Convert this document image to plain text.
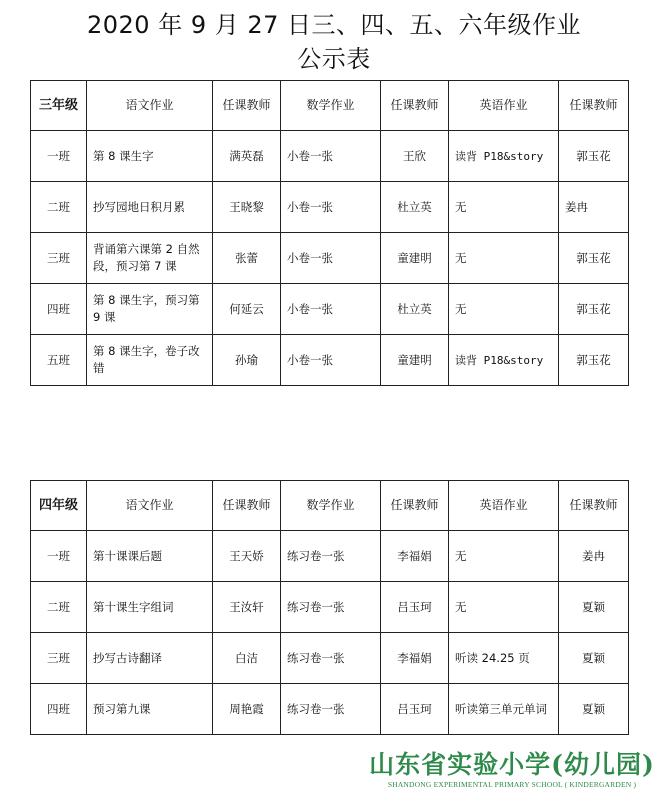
2020 年 9 月 27 日三、四、五、六年级作业
公示表
三年级	语文作业	任课教师	数学作业	任课教师	英语作业	任课教师
一班	第 8 课生字	满英磊	小卷一张	王欣	读背 P18&story	郭玉花
二班	抄写园地日积月累	王晓黎	小卷一张	杜立英	无	姜冉
三班	背诵第六课第 2 自然段，预习第 7 课	张蕾	小卷一张	童建明	无	郭玉花
四班	第 8 课生字，预习第 9 课	何延云	小卷一张	杜立英	无	郭玉花
五班	第 8 课生字，卷子改错	孙瑜	小卷一张	童建明	读背 P18&story	郭玉花
四年级	语文作业	任课教师	数学作业	任课教师	英语作业	任课教师
一班	第十课课后题	王天娇	练习卷一张	李福娟	无	姜冉
二班	第十课生字组词	王汝轩	练习卷一张	吕玉珂	无	夏颖
三班	抄写古诗翻译	白洁	练习卷一张	李福娟	听读 24.25 页	夏颖
四班	预习第九课	周艳霞	练习卷一张	吕玉珂	听读第三单元单词	夏颖
山东省实验小学(幼儿园)
SHANDONG EXPERIMENTAL PRIMARY SCHOOL ( KINDERGARDEN )
